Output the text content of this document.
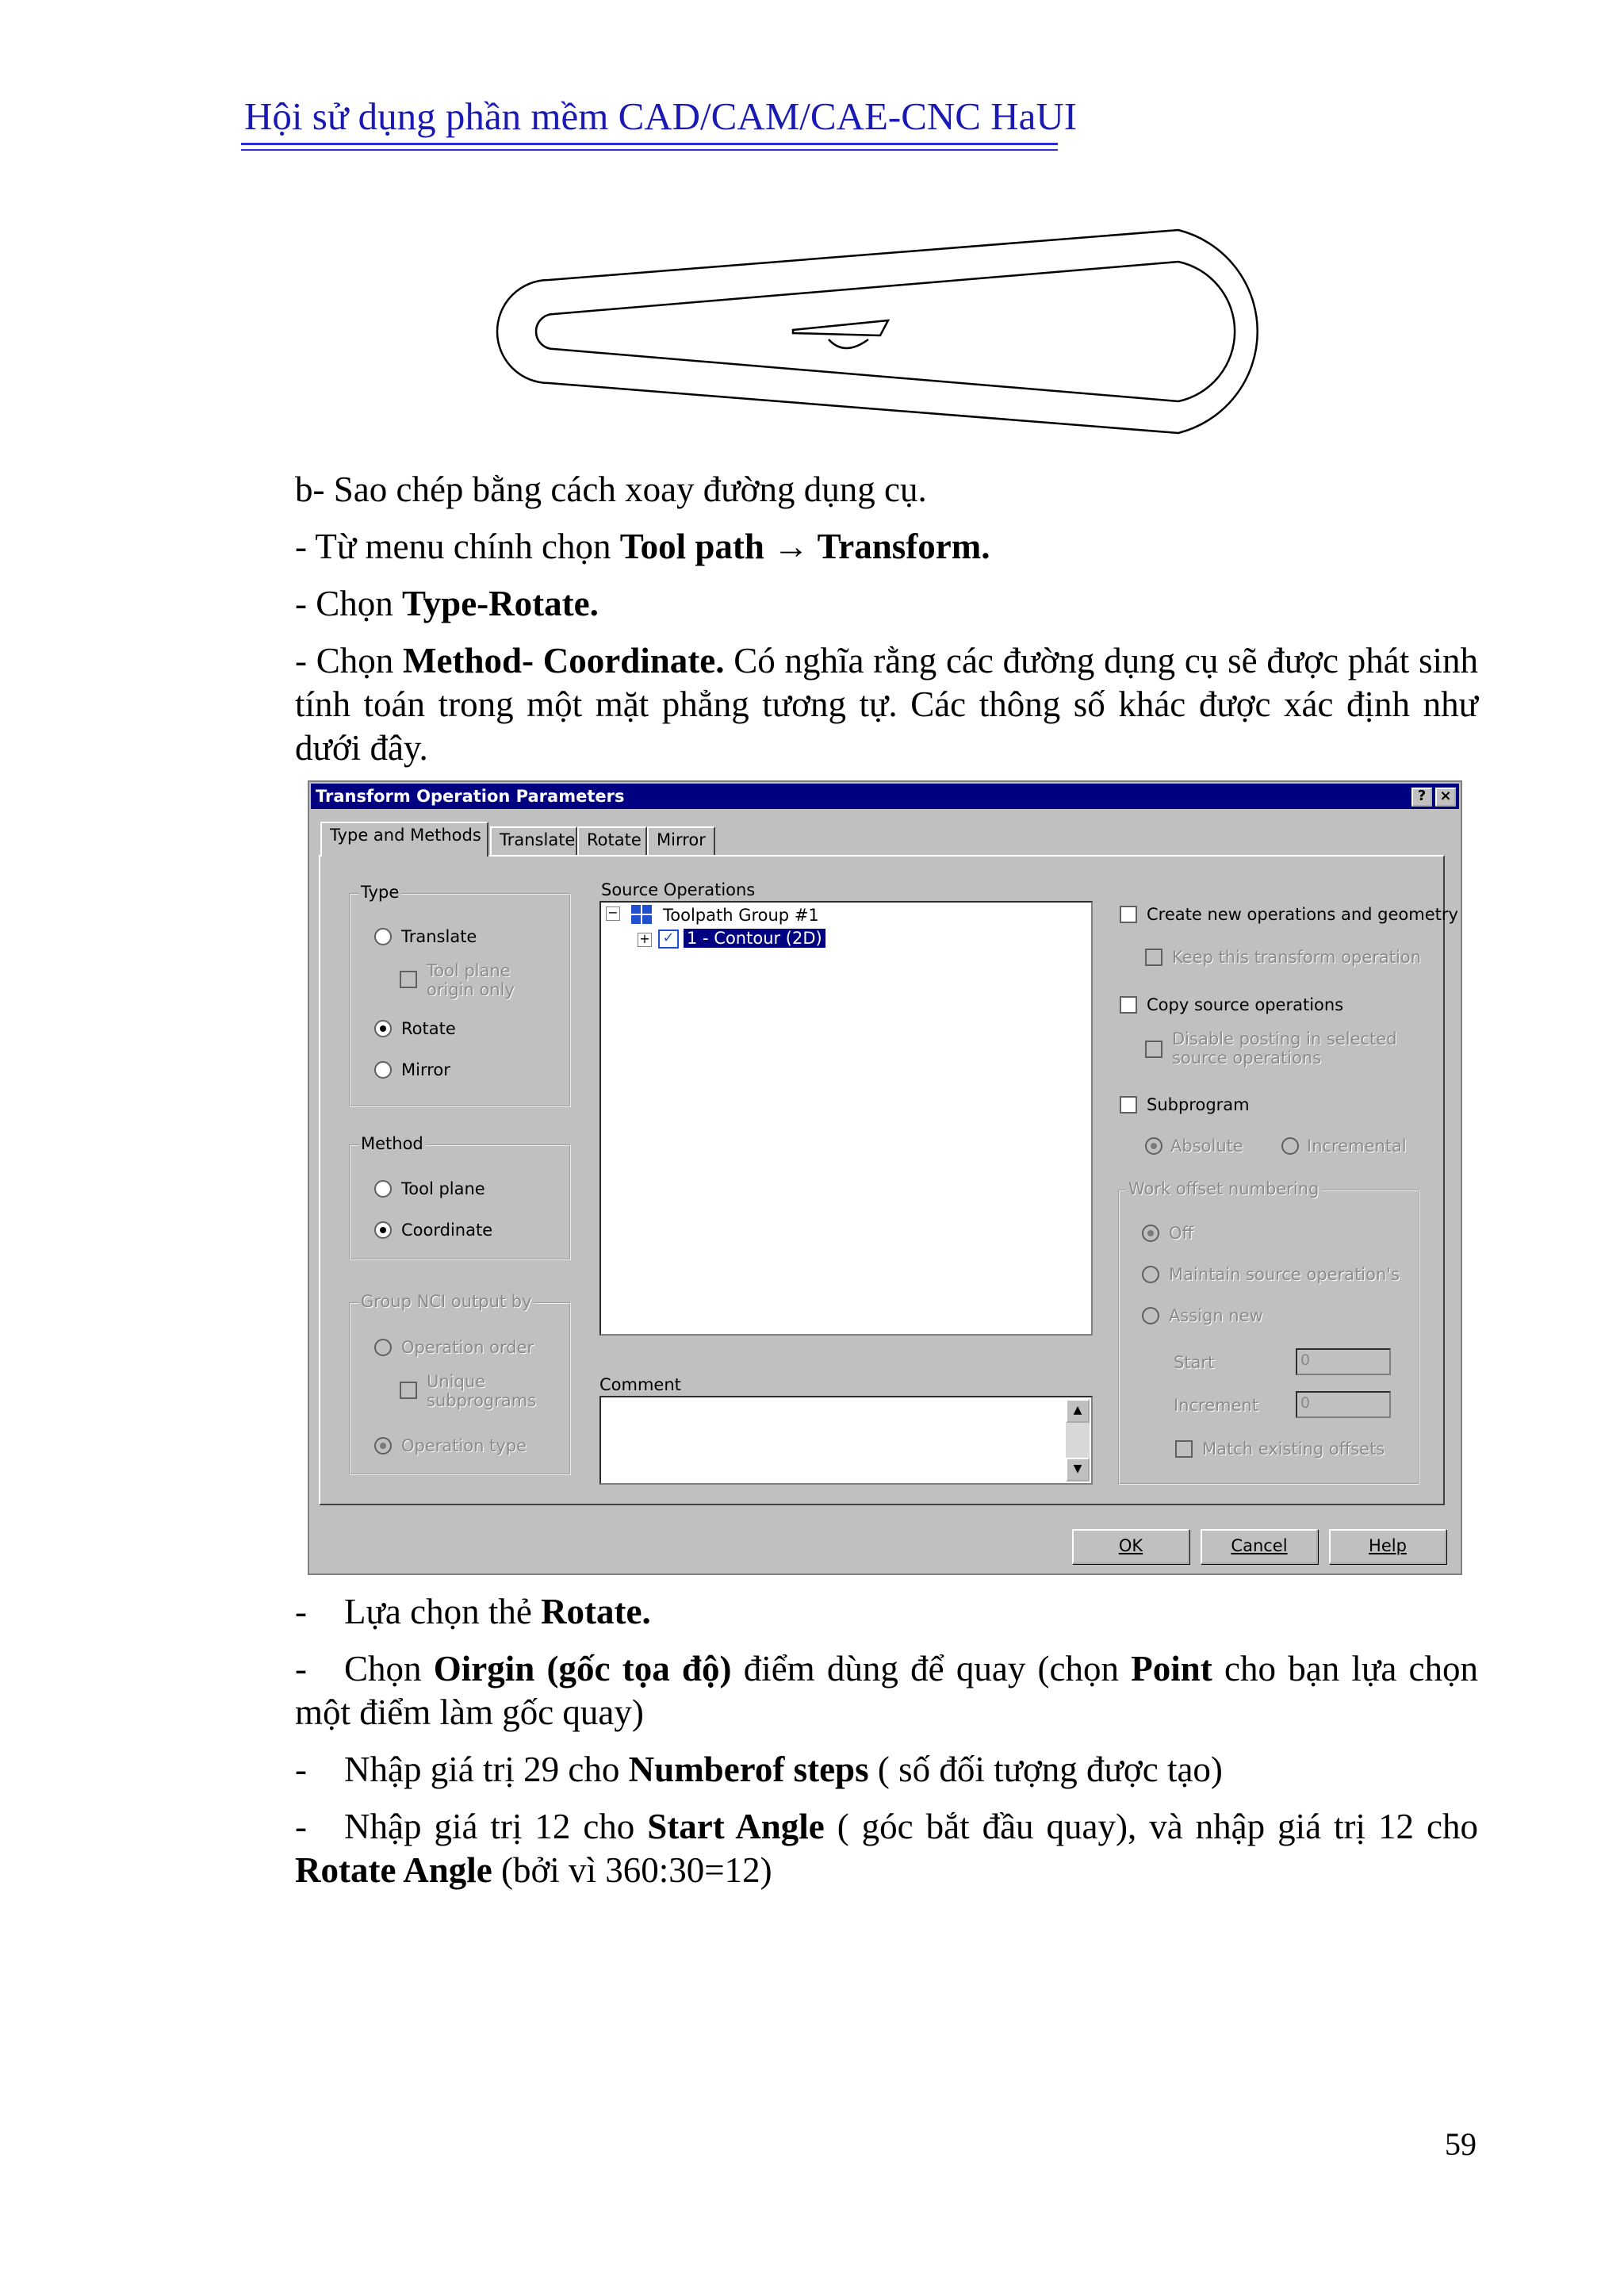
Hội sử dụng phần mềm CAD/CAM/CAE-CNC HaUI
b- Sao chép bằng cách xoay đường dụng cụ.
- Từ menu chính chọn Tool path → Transform.
- Chọn Type-Rotate.
- Chọn Method- Coordinate. Có nghĩa rằng các đường dụng cụ sẽ được phát sinh tính toán trong một mặt phẳng tương tự. Các thông số khác được xác định như dưới đây.
Transform Operation Parameters	? ×
Type and Methods	Translate Rotate Mirror
Type
Translate
Tool plane origin only
Rotate
Mirror
Method
Tool plane
Coordinate
Group NCI output by
Operation order
Unique subprograms
Operation type
Source Operations
−	Toolpath Group #1
+ ✓ 1 - Contour (2D)
Comment
▲
▼
Create new operations and geometry
Keep this transform operation
Copy source operations
Disable posting in selected source operations
Subprogram
Absolute	Incremental
Work offset numbering
Off
Maintain source operation's
Assign new
Start	0
Increment	0
Match existing offsets
OK	Cancel	Help
- Lựa chọn thẻ Rotate.
- Chọn Oirgin (gốc tọa độ) điểm dùng để quay (chọn Point cho bạn lựa chọn một điểm làm gốc quay)
- Nhập giá trị 29 cho Numberof steps ( số đối tượng được tạo)
- Nhập giá trị 12 cho Start Angle ( góc bắt đầu quay), và nhập giá trị 12 cho Rotate Angle (bởi vì 360:30=12)
59
